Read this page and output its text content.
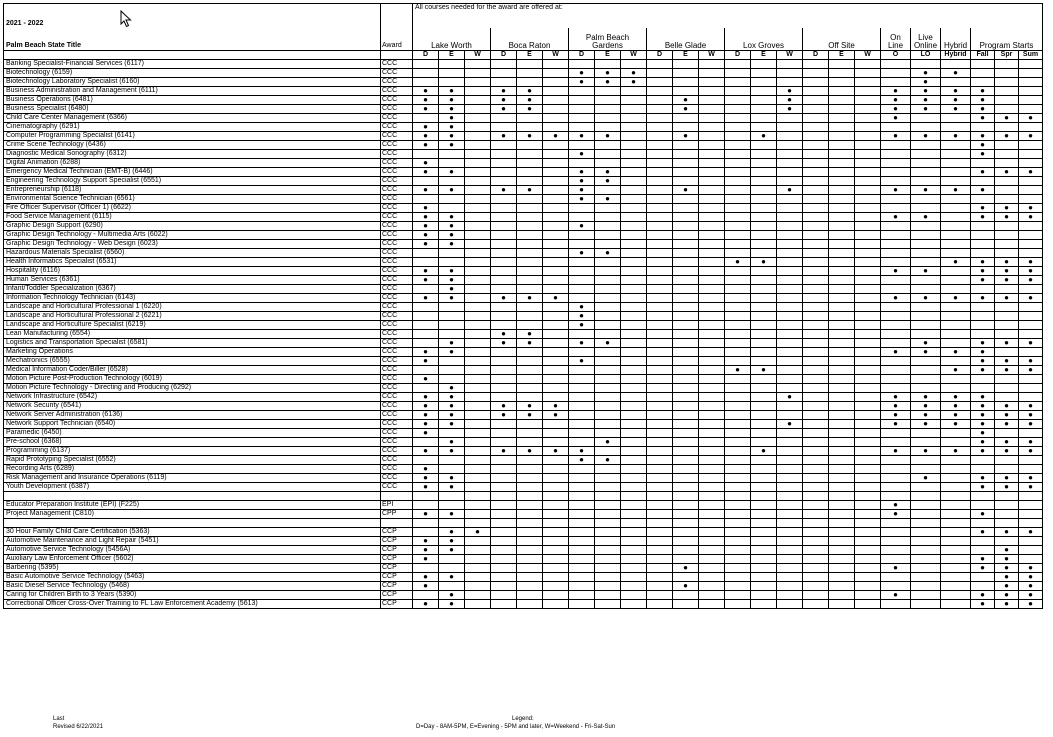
2021 - 2022		All courses needed for the award are offered at:																							
Palm Beach State Title	Award	Lake Worth			Boca Raton			Palm Beach Gardens			Belle Glade			Lox Groves			Off Site			On Line	Live Online	Hybrid	Program Starts		
		D	E	W	D	E	W	D	E	W	D	E	W	D	E	W	D	E	W	O	LO	Hybrid	Fall	Spr	Sum
Banking Specialist-Financial Services (6117)	CCC																								
Biotechnology (6159)	CCC							●	●	●											●	●			
Biotechnology Laboratory Specialist (6160)	CCC							●	●	●											●				
Business Administration and Management (6111)	CCC	●	●		●	●										●				●	●	●	●		
Business Operations (6481)	CCC	●	●		●	●						●				●				●	●	●	●		
Business Specialist (6480)	CCC	●	●		●	●						●				●				●	●	●	●		
Child Care Center Management (6366)	CCC		●																	●			●	●	●
Cinematography (6291)	CCC	●	●																						
Computer Programming Specialist (6141)	CCC	●	●		●	●	●	●	●			●			●					●	●	●	●	●	●
Crime Scene Technology (6436)	CCC	●	●																				●		
Diagnostic Medical Sonography (6312)	CCC							●															●		
Digital Animation (6288)	CCC	●																							
Emergency Medical Technician (EMT-B) (6446)	CCC	●	●					●	●														●	●	●
Engineering Technology Support Specialist (6551)	CCC							●	●																
Entrepreneurship (6118)	CCC	●	●		●	●		●				●				●				●	●	●	●		
Environmental Science Technician (6561)	CCC							●	●																
Fire Officer Supervisor (Officer 1) (6622)	CCC	●																					●	●	●
Food Service Management (6115)	CCC	●	●																	●	●		●	●	●
Graphic Design Support (6290)	CCC	●	●					●																	
Graphic Design Technology - Multimedia Arts (6022)	CCC	●	●																						
Graphic Design Technology - Web Design (6023)	CCC	●	●																						
Hazardous Materials Specialist (6560)	CCC							●	●																
Health Informatics Specialist (6531)	CCC													●	●							●	●	●	●
Hospitality (6116)	CCC	●	●																	●	●		●	●	●
Human Services (6361)	CCC	●	●																				●	●	●
Infant/Toddler Specialization (6367)	CCC		●																						
Information Technology Technician (6143)	CCC	●	●		●	●	●													●	●	●	●	●	●
Landscape and Horticultural Professional 1 (6220)	CCC							●																	
Landscape and Horticultural Professional 2 (6221)	CCC							●																	
Landscape and Horticulture Specialist (6219)	CCC							●																	
Lean Manufacturing (6554)	CCC				●	●																			
Logistics and Transportation Specialist (6581)	CCC		●		●	●		●	●												●		●	●	●
Marketing Operations	CCC	●	●																	●	●	●	●		
Mechatronics (6555)	CCC	●						●															●	●	●
Medical Information Coder/Biller (6528)	CCC													●	●							●	●	●	●
Motion Picture Post-Production Technology (6019)	CCC	●																							
Motion Picture Technology - Directing and Producing (6292)	CCC		●																						
Network Infrastructure (6542)	CCC	●	●													●				●	●	●	●		
Network Security (6541)	CCC	●	●		●	●	●													●	●	●	●	●	●
Network Server Administration (6136)	CCC	●	●		●	●	●													●	●	●	●	●	●
Network Support Technician (6540)	CCC	●	●													●				●	●	●	●	●	●
Paramedic (6450)	CCC	●																					●		
Pre-school (6368)	CCC		●						●														●	●	●
Programming (6137)	CCC	●	●		●	●	●	●							●					●	●	●	●	●	●
Rapid Prototyping Specialist (6552)	CCC							●	●																
Recording Arts (6289)	CCC	●																							
Risk Management and Insurance Operations (6119)	CCC	●	●																		●		●	●	●
Youth Development (6387)	CCC	●	●																				●	●	●

Educator Preparation Institute (EPI) (F225)	EPI																			●					
Project Management (C810)	CPP	●	●																	●			●		

30 Hour Family Child Care Certification (5363)	CCP		●	●																			●	●	●
Automotive Maintenance and Light Repair (5451)	CCP	●	●																						
Automotive Service Technology (5456A)	CCP	●	●																					●	
Auxiliary Law Enforcement Officer (5602)	CCP	●																					●	●	
Barbering (5395)	CCP											●								●			●	●	●
Basic Automotive Service Technology (5463)	CCP	●	●																					●	●
Basic Diesel Service Technology (5468)	CCP	●										●												●	●
Caring for Children Birth to 3 Years (5390)	CCP		●																	●			●	●	●
Correctional Officer Cross-Over Training to FL Law Enforcement Academy (5613)	CCP	●	●																				●	●	●
Last
Revised 6/22/2021
Legend:
D=Day - 8AM-5PM, E=Evening - 5PM and later, W=Weekend - Fri-Sat-Sun
